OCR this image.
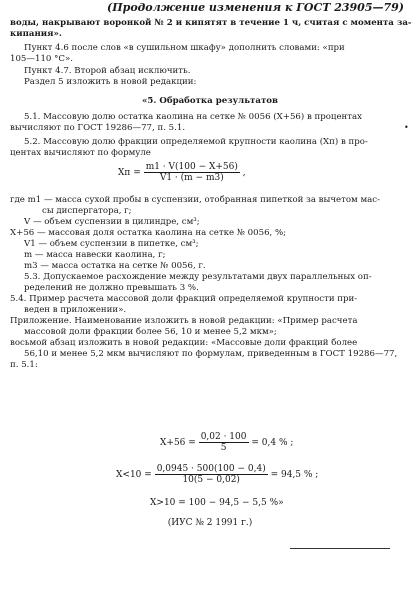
(Продолжение изменения к ГОСТ 23905—79)
воды, накрывают воронкой № 2 и кипятят в течение 1 ч, считая с момента за-
кипания».
Пункт 4.6 после слов «в сушильном шкафу» дополнить словами: «при
105—110 °С».
Пункт 4.7. Второй абзац исключить.
Раздел 5 изложить в новой редакции:
«5. Обработка результатов
5.1. Массовую долю остатка каолина на сетке № 0056 (X+56) в процентах
вычисляют по ГОСТ 19286—77, п. 5.1.	•
5.2. Массовую долю фракции определяемой крупности каолина (Xп) в про-
центах вычисляют по формуле
Xп = $\frac{m1 \cdot V(100 - X+56)}{V1 \cdot (m - m3)}$ ,
где m1 — масса сухой пробы в суспензии, отобранная пипеткой за вычетом мас-
сы диспергатора, г;
V — объем суспензии в цилиндре, см³;
X+56 — массовая доля остатка каолина на сетке № 0056, %;
V1 — объем суспензии в пипетке, см³;
m — масса навески каолина, г;
m3 — масса остатка на сетке № 0056, г.
5.3. Допускаемое расхождение между результатами двух параллельных оп-
ределений не должно превышать 3 %.
5.4. Пример расчета массовой доли фракций определяемой крупности при-
веден в приложении».
Приложение. Наименование изложить в новой редакции: «Пример расчета
массовой доли фракции более 56, 10 и менее 5,2 мкм»;
восьмой абзац изложить в новой редакции: «Массовые доли фракций более
56,10 и менее 5,2 мкм вычисляют по формулам, приведенным в ГОСТ 19286—77,
п. 5.1:
$X+56 = \frac{0,02 \cdot 100}{5} = 0,4$ % ;
$X<10 = \frac{0,0945 \cdot 500(100 - 0,4)}{10(5 - 0,02)} = 94,5$ % ;
X>10 = 100 − 94,5 − 5,5 %»
(ИУС № 2 1991 г.)
